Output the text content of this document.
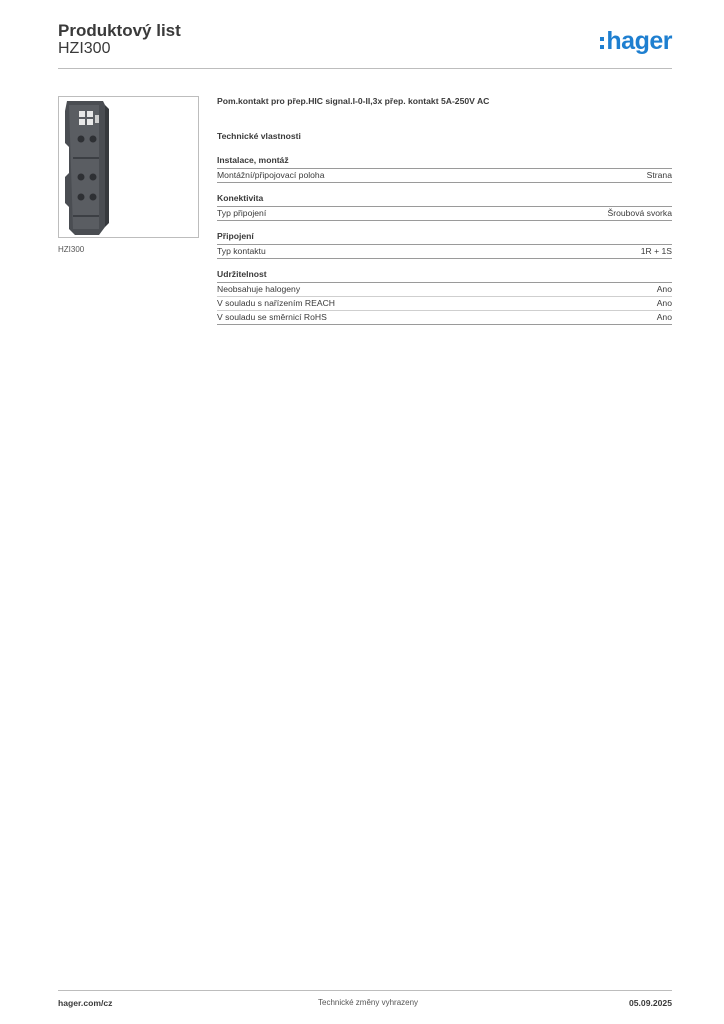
Produktový list
HZI300	hager
HZI300
Pom.kontakt pro přep.HIC signal.I-0-II,3x přep. kontakt 5A-250V AC
Technické vlastnosti
Instalace, montáž
Montážní/připojovací poloha	Strana
Konektivita
Typ připojení	Šroubová svorka
Připojení
Typ kontaktu	1R + 1S
Udržitelnost
Neobsahuje halogeny	Ano
V souladu s nařízením REACH	Ano
V souladu se směrnicí RoHS	Ano
hager.com/cz	Technické změny vyhrazeny	05.09.2025
